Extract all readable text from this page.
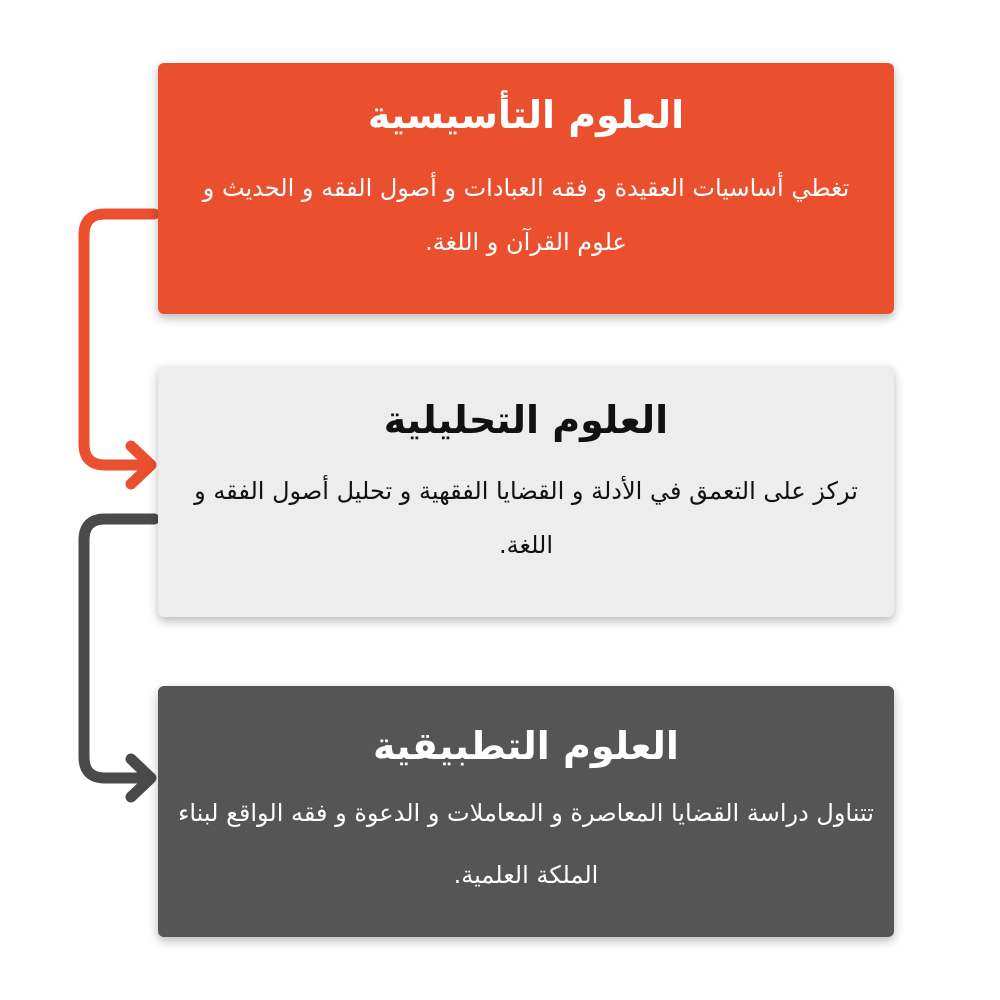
العلوم التأسيسية

تغطي أساسيات العقيدة و فقه العبادات و أصول الفقه و الحديث و علوم القرآن و اللغة.

العلوم التحليلية

تركز على التعمق في الأدلة و القضايا الفقهية و تحليل أصول الفقه و اللغة.

العلوم التطبيقية

تتناول دراسة القضايا المعاصرة و المعاملات و الدعوة و فقه الواقع لبناء الملكة العلمية.
